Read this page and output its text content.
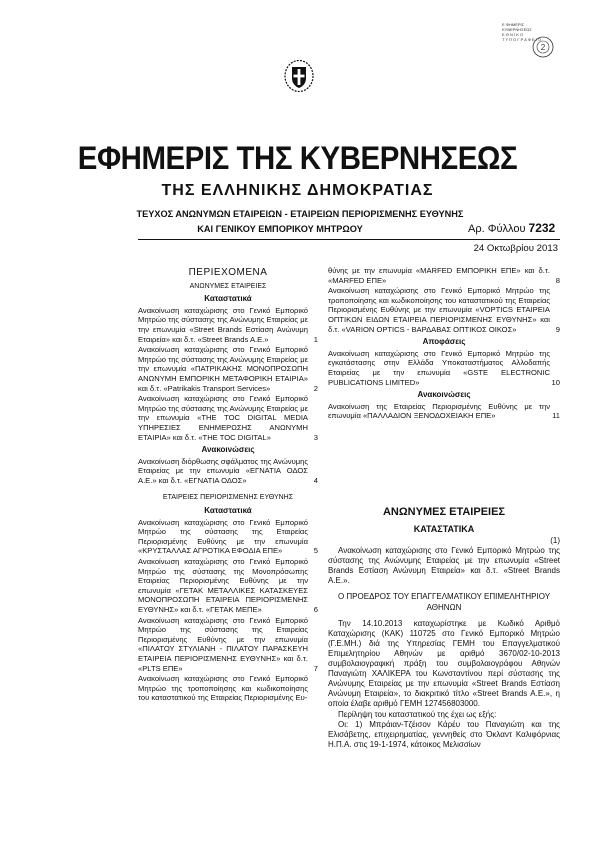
Ε ΦΗΜΕΡΙΣ
ΚΥΒΕΡΝΗΣΕΩΣ
Ε Θ Ν Ι Κ Ο
Τ Υ Π Ο Γ Ρ Α Φ Ε Ι Ο
2
ΕΦΗΜΕΡΙΣ ΤΗΣ ΚΥΒΕΡΝΗΣΕΩΣ
ΤΗΣ ΕΛΛΗΝΙΚΗΣ ΔΗΜΟΚΡΑΤΙΑΣ
ΤΕΥΧΟΣ ΑΝΩΝΥΜΩΝ ΕΤΑΙΡΕΙΩΝ - ΕΤΑΙΡΕΙΩΝ ΠΕΡΙΟΡΙΣΜΕΝΗΣ ΕΥΘΥΝΗΣ
ΚΑΙ ΓΕΝΙΚΟΥ ΕΜΠΟΡΙΚΟΥ ΜΗΤΡΩΟΥ	Αρ. Φύλλου 7232
24 Οκτωβρίου 2013
ΠΕΡΙΕΧΟΜΕΝΑ
ΑΝΩΝΥΜΕΣ ΕΤΑΙΡΕΙΕΣ
Καταστατικά
Ανακοίνωση καταχώρισης στο Γενικό Εμπορικό Μητρώο της σύστασης της Ανώνυμης Εταιρείας με την επωνυμία «Street Brands Εστίαση Ανώνυμη Εταιρεία» και δ.τ. «Street Brands A.E.»	1
Ανακοίνωση καταχώρισης στο Γενικό Εμπορικό Μητρώο της σύστασης της Ανώνυμης Εταιρείας με την επωνυμία «ΠΑΤΡΙΚΑΚΗΣ ΜΟΝΟΠΡΟΣΩΠΗ ΑΝΩΝΥΜΗ ΕΜΠΟΡΙΚΗ ΜΕΤΑΦΟΡΙΚΗ ΕΤΑΙΡΙΑ» και δ.τ. «Patrikakis Transport Services»	2
Ανακοίνωση καταχώρισης στο Γενικό Εμπορικό Μητρώο της σύστασης της Ανώνυμης Εταιρείας με την επωνυμία «THE TOC DIGITAL MEDIA ΥΠΗΡΕΣΙΕΣ ΕΝΗΜΕΡΩΣΗΣ ΑΝΩΝΥΜΗ ΕΤΑΙΡΙΑ» και δ.τ. «THE TOC DIGITAL»	3
Ανακοινώσεις
Ανακοίνωση διόρθωσης σφάλματος της Ανώνυμης Εταιρείας με την επωνυμία «ΕΓΝΑΤΙΑ ΟΔΟΣ Α.Ε.» και δ.τ. «ΕΓΝΑΤΙΑ ΟΔΟΣ»	4
ΕΤΑΙΡΕΙΕΣ ΠΕΡΙΟΡΙΣΜΕΝΗΣ ΕΥΘΥΝΗΣ
Καταστατικά
Ανακοίνωση καταχώρισης στο Γενικό Εμπορικό Μητρώο της σύστασης της Εταιρείας Περιορισμένης Ευθύνης με την επωνυμία «ΚΡΥΣΤΑΛΛΑΣ ΑΓΡΟΤΙΚΑ ΕΦΟΔΙΑ ΕΠΕ»	5
Ανακοίνωση καταχώρισης στο Γενικό Εμπορικό Μητρώο της σύστασης της Μονοπρόσωπης Εταιρείας Περιορισμένης Ευθύνης με την επωνυμία «ΓΕΤΑΚ ΜΕΤΑΛΛΙΚΕΣ ΚΑΤΑΣΚΕΥΕΣ ΜΟΝΟΠΡΟΣΩΠΗ ΕΤΑΙΡΕΙΑ ΠΕΡΙΟΡΙΣΜΕΝΗΣ ΕΥΘΥΝΗΣ» και δ.τ. «ΓΕΤΑΚ ΜΕΠΕ»	6
Ανακοίνωση καταχώρισης στο Γενικό Εμπορικό Μητρώο της σύστασης της Εταιρείας Περιορισμένης Ευθύνης με την επωνυμία «ΠΙΛΑΤΟΥ ΣΤΥΛΙΑΝΗ - ΠΙΛΑΤΟΥ ΠΑΡΑΣΚΕΥΗ ΕΤΑΙΡΕΙΑ ΠΕΡΙΟΡΙΣΜΕΝΗΣ ΕΥΘΥΝΗΣ» και δ.τ. «PLTS ΕΠΕ»	7
Ανακοίνωση καταχώρισης στο Γενικό Εμπορικό Μητρώο της τροποποίησης και κωδικοποίησης του καταστατικού της Εταιρείας Περιορισμένης Ευ-
θύνης με την επωνυμία «MARFED ΕΜΠΟΡΙΚΗ ΕΠΕ» και δ.τ. «MARFED ΕΠΕ»	8
Ανακοίνωση καταχώρισης στο Γενικό Εμπορικό Μητρώο της τροποποίησης και κωδικοποίησης του καταστατικού της Εταιρείας Περιορισμένης Ευθύνης με την επωνυμία «VOPTICS ΕΤΑΙΡΕΙΑ ΟΠΤΙΚΩΝ ΕΙΔΩΝ ΕΤΑΙΡΕΙΑ ΠΕΡΙΟΡΙΣΜΕΝΗΣ ΕΥΘΥΝΗΣ» και δ.τ. «VARION OPTICS - ΒΑΡΔΑΒΑΣ ΟΠΤΙΚΟΣ ΟΙΚΟΣ»	9
Αποφάσεις
Ανακοίνωση καταχώρισης στο Γενικό Εμπορικό Μητρώο της εγκατάστασης στην Ελλάδα Υποκαταστήματος Αλλοδαπής Εταιρείας με την επωνυμία «GSTE ELECTRONIC PUBLICATIONS LIMITED»	10
Ανακοινώσεις
Ανακοίνωση της Εταιρείας Περιορισμένης Ευθύνης με την επωνυμία «ΠΑΛΛΑΔΙΟΝ ΞΕΝΟΔΟΧΕΙΑΚΗ ΕΠΕ»	11
ΑΝΩΝΥΜΕΣ ΕΤΑΙΡΕΙΕΣ
ΚΑΤΑΣΤΑΤΙΚΑ
(1)

Ανακοίνωση καταχώρισης στο Γενικό Εμπορικό Μητρώο της σύστασης της Ανώνυμης Εταιρείας με την επωνυμία «Street Brands Εστίαση Ανώνυμη Εταιρεία» και δ.τ. «Street Brands A.E.».

Ο ΠΡΟΕΔΡΟΣ ΤΟΥ ΕΠΑΓΓΕΛΜΑΤΙΚΟΥ ΕΠΙΜΕΛΗΤΗΡΙΟΥ ΑΘΗΝΩΝ

Την 14.10.2013 καταχωρίστηκε με Κωδικό Αριθμό Καταχώρισης (ΚΑΚ) 110725 στο Γενικό Εμπορικό Μητρώο (Γ.Ε.ΜΗ.) διά της Υπηρεσίας ΓΕΜΗ του Επαγγελματικού Επιμελητηρίου Αθηνών με αριθμό 3670/02-10-2013 συμβολαιογραφική πράξη του συμβολαιογράφου Αθηνών Παναγιώτη ΧΑΛΙΚΕΡΑ του Κωνσταντίνου περί σύστασης της Ανώνυμης Εταιρείας με την επωνυμία «Street Brands Εστίαση Ανώνυμη Εταιρεία», το διακριτικό τίτλο «Street Brands A.E.», η οποία έλαβε αριθμό ΓΕΜΗ 127456803000.

Περίληψη του καταστατικού της έχει ως εξής:

Οι: 1) Μπράιαν-Τζέισον Κάρέυ του Παναγιώτη και της Ελισάβετης, επιχειρηματίας, γεννηθείς στο Όκλαντ Καλιφόρνιας Η.Π.Α. στις 19-1-1974, κάτοικος Μελισσίων
